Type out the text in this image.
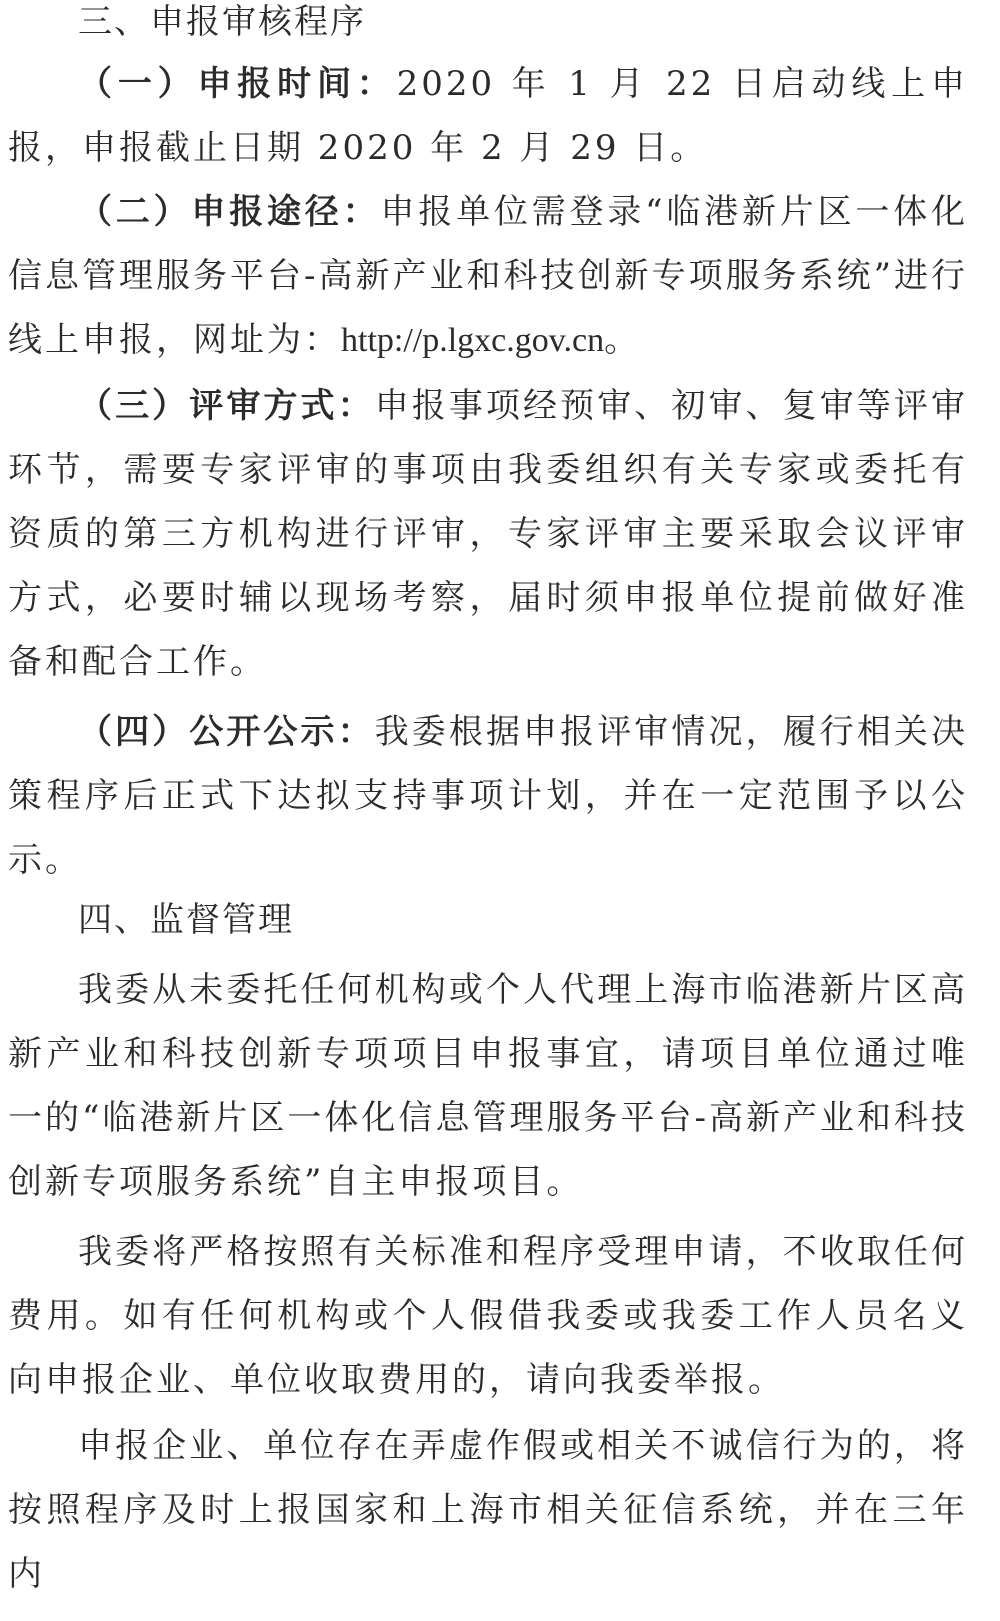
三、申报审核程序

（一）申报时间：2020 年 1 月 22 日启动线上申报，申报截止日期 2020 年 2 月 29 日。

（二）申报途径：申报单位需登录“临港新片区一体化信息管理服务平台-高新产业和科技创新专项服务系统”进行线上申报，网址为：http://p.lgxc.gov.cn。

（三）评审方式：申报事项经预审、初审、复审等评审环节，需要专家评审的事项由我委组织有关专家或委托有资质的第三方机构进行评审，专家评审主要采取会议评审方式，必要时辅以现场考察，届时须申报单位提前做好准备和配合工作。

（四）公开公示：我委根据申报评审情况，履行相关决策程序后正式下达拟支持事项计划，并在一定范围予以公示。

四、监督管理

我委从未委托任何机构或个人代理上海市临港新片区高新产业和科技创新专项项目申报事宜，请项目单位通过唯一的“临港新片区一体化信息管理服务平台-高新产业和科技创新专项服务系统”自主申报项目。

我委将严格按照有关标准和程序受理申请，不收取任何费用。如有任何机构或个人假借我委或我委工作人员名义向申报企业、单位收取费用的，请向我委举报。

申报企业、单位存在弄虚作假或相关不诚信行为的，将按照程序及时上报国家和上海市相关征信系统，并在三年内
